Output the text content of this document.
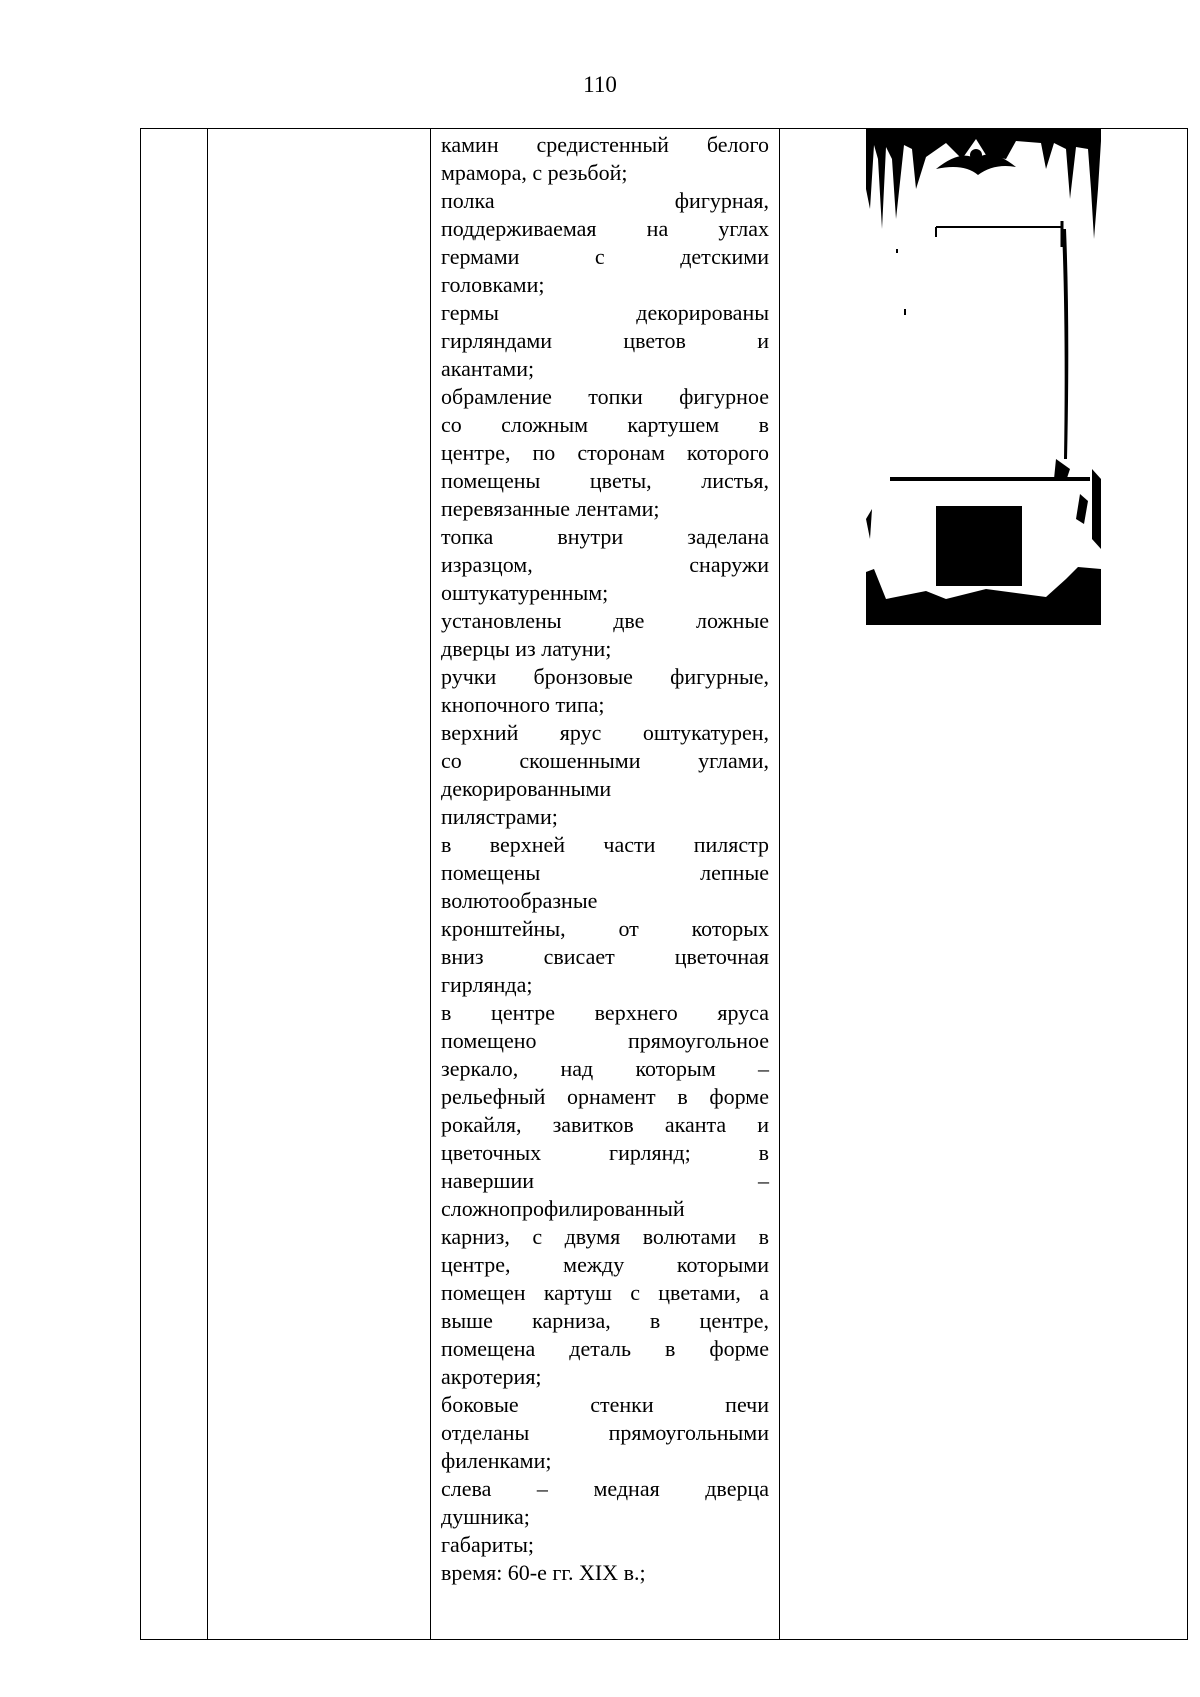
110

камин средистенный белого
мрамора, с резьбой;
полка фигурная,
поддерживаемая на углах
гермами с детскими
головками;
гермы декорированы
гирляндами цветов и
акантами;
обрамление топки фигурное
со сложным картушем в
центре, по сторонам которого
помещены цветы, листья,
перевязанные лентами;
топка внутри заделана
изразцом, снаружи
оштукатуренным;
установлены две ложные
дверцы из латуни;
ручки бронзовые фигурные,
кнопочного типа;
верхний ярус оштукатурен,
со скошенными углами,
декорированными
пилястрами;
в верхней части пилястр
помещены лепные
волютообразные
кронштейны, от которых
вниз свисает цветочная
гирлянда;
в центре верхнего яруса
помещено прямоугольное
зеркало, над которым –
рельефный орнамент в форме
рокайля, завитков аканта и
цветочных гирлянд; в
навершии –
сложнопрофилированный
карниз, с двумя волютами в
центре, между которыми
помещен картуш с цветами, а
выше карниза, в центре,
помещена деталь в форме
акротерия;
боковые стенки печи
отделаны прямоугольными
филенками;
слева – медная дверца
душника;
габариты;
время: 60-е гг. XIX в.;
